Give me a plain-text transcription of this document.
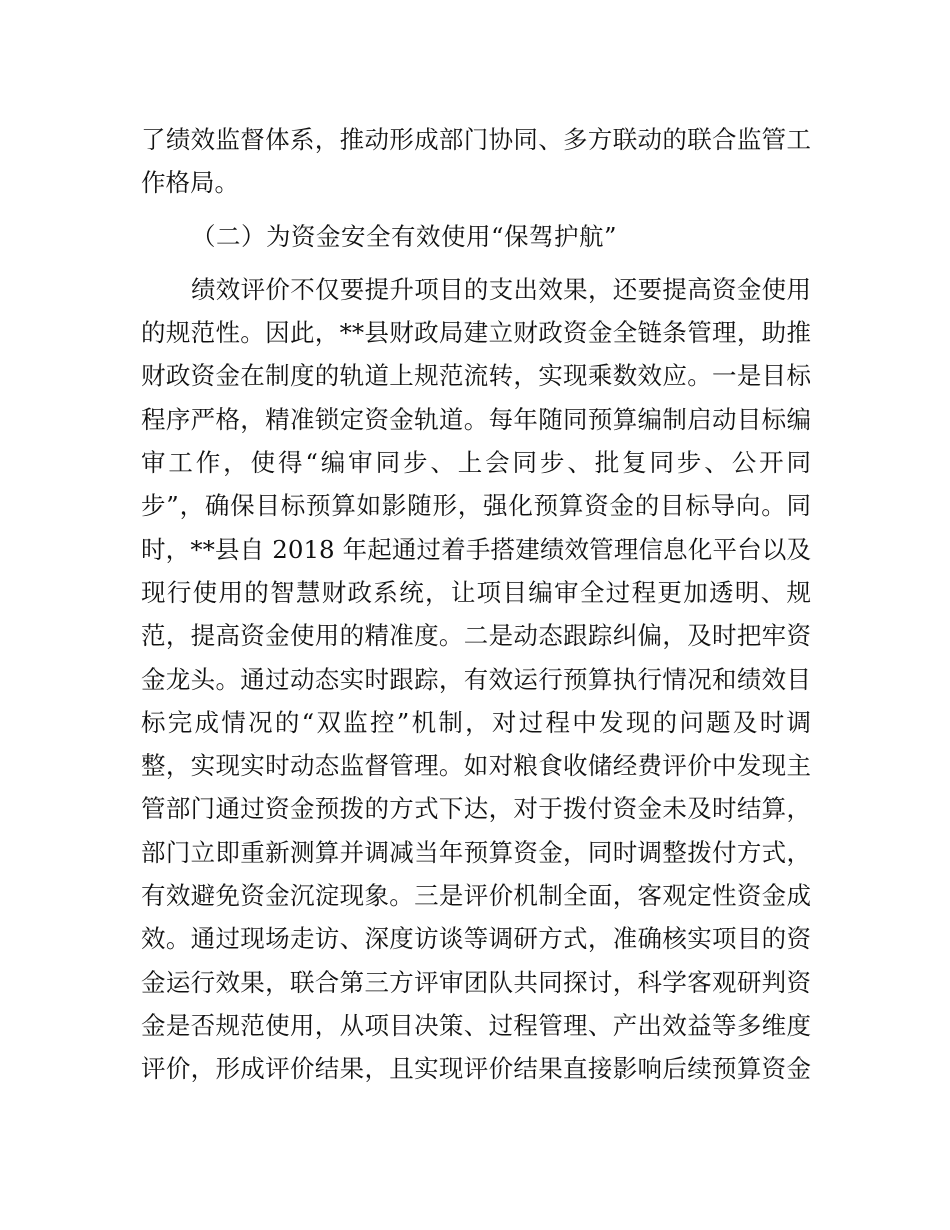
了绩效监督体系，推动形成部门协同、多方联动的联合监管工
作格局。
（二）为资金安全有效使用“保驾护航”
绩效评价不仅要提升项目的支出效果，还要提高资金使用
的规范性。因此，**县财政局建立财政资金全链条管理，助推
财政资金在制度的轨道上规范流转，实现乘数效应。一是目标
程序严格，精准锁定资金轨道。每年随同预算编制启动目标编
审工作，使得“编审同步、上会同步、批复同步、公开同
步”，确保目标预算如影随形，强化预算资金的目标导向。同
时，**县自 2018 年起通过着手搭建绩效管理信息化平台以及
现行使用的智慧财政系统，让项目编审全过程更加透明、规
范，提高资金使用的精准度。二是动态跟踪纠偏，及时把牢资
金龙头。通过动态实时跟踪，有效运行预算执行情况和绩效目
标完成情况的“双监控”机制，对过程中发现的问题及时调
整，实现实时动态监督管理。如对粮食收储经费评价中发现主
管部门通过资金预拨的方式下达，对于拨付资金未及时结算，
部门立即重新测算并调减当年预算资金，同时调整拨付方式，
有效避免资金沉淀现象。三是评价机制全面，客观定性资金成
效。通过现场走访、深度访谈等调研方式，准确核实项目的资
金运行效果，联合第三方评审团队共同探讨，科学客观研判资
金是否规范使用，从项目决策、过程管理、产出效益等多维度
评价，形成评价结果，且实现评价结果直接影响后续预算资金
